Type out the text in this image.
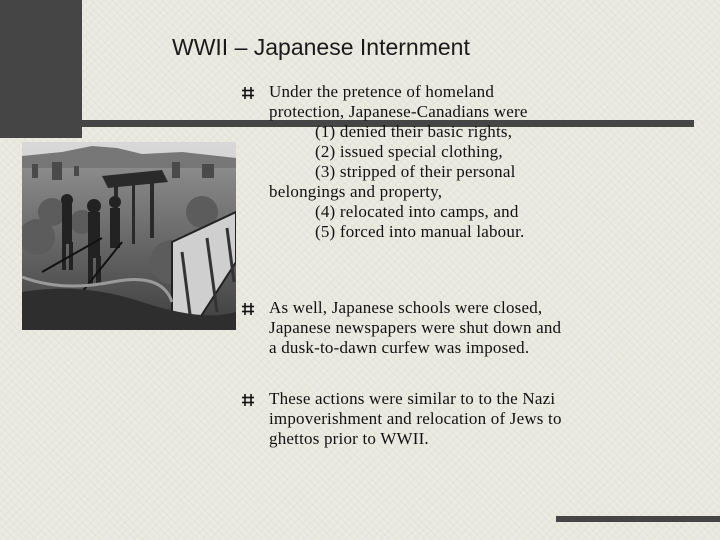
WWII – Japanese Internment
Under the pretence of homeland
protection, Japanese-Canadians were
(1) denied their basic rights,
(2) issued special clothing,
(3) stripped of their personal
belongings and property,
(4) relocated into camps, and
(5) forced into manual labour.
As well, Japanese schools were closed,
Japanese newspapers were shut down and
a dusk-to-dawn curfew was imposed.
These actions were similar to to the Nazi
impoverishment and relocation of Jews to
ghettos prior to WWII.
